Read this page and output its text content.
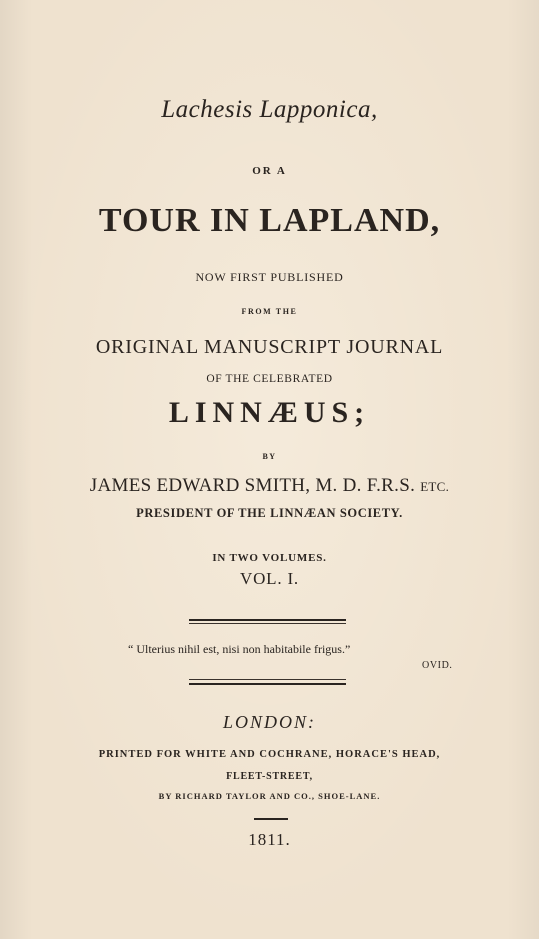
Lachesis Lapponica,
OR A
TOUR IN LAPLAND,
NOW FIRST PUBLISHED
FROM THE
ORIGINAL MANUSCRIPT JOURNAL
OF THE CELEBRATED
LINNÆUS;
BY
JAMES EDWARD SMITH, M. D. F.R.S. ETC.
PRESIDENT OF THE LINNÆAN SOCIETY.
IN TWO VOLUMES.
VOL. I.
“ Ulterius nihil est, nisi non habitabile frigus.”
OVID.
LONDON:
PRINTED FOR WHITE AND COCHRANE, HORACE'S HEAD,
FLEET-STREET,
BY RICHARD TAYLOR AND CO., SHOE-LANE.
1811.
